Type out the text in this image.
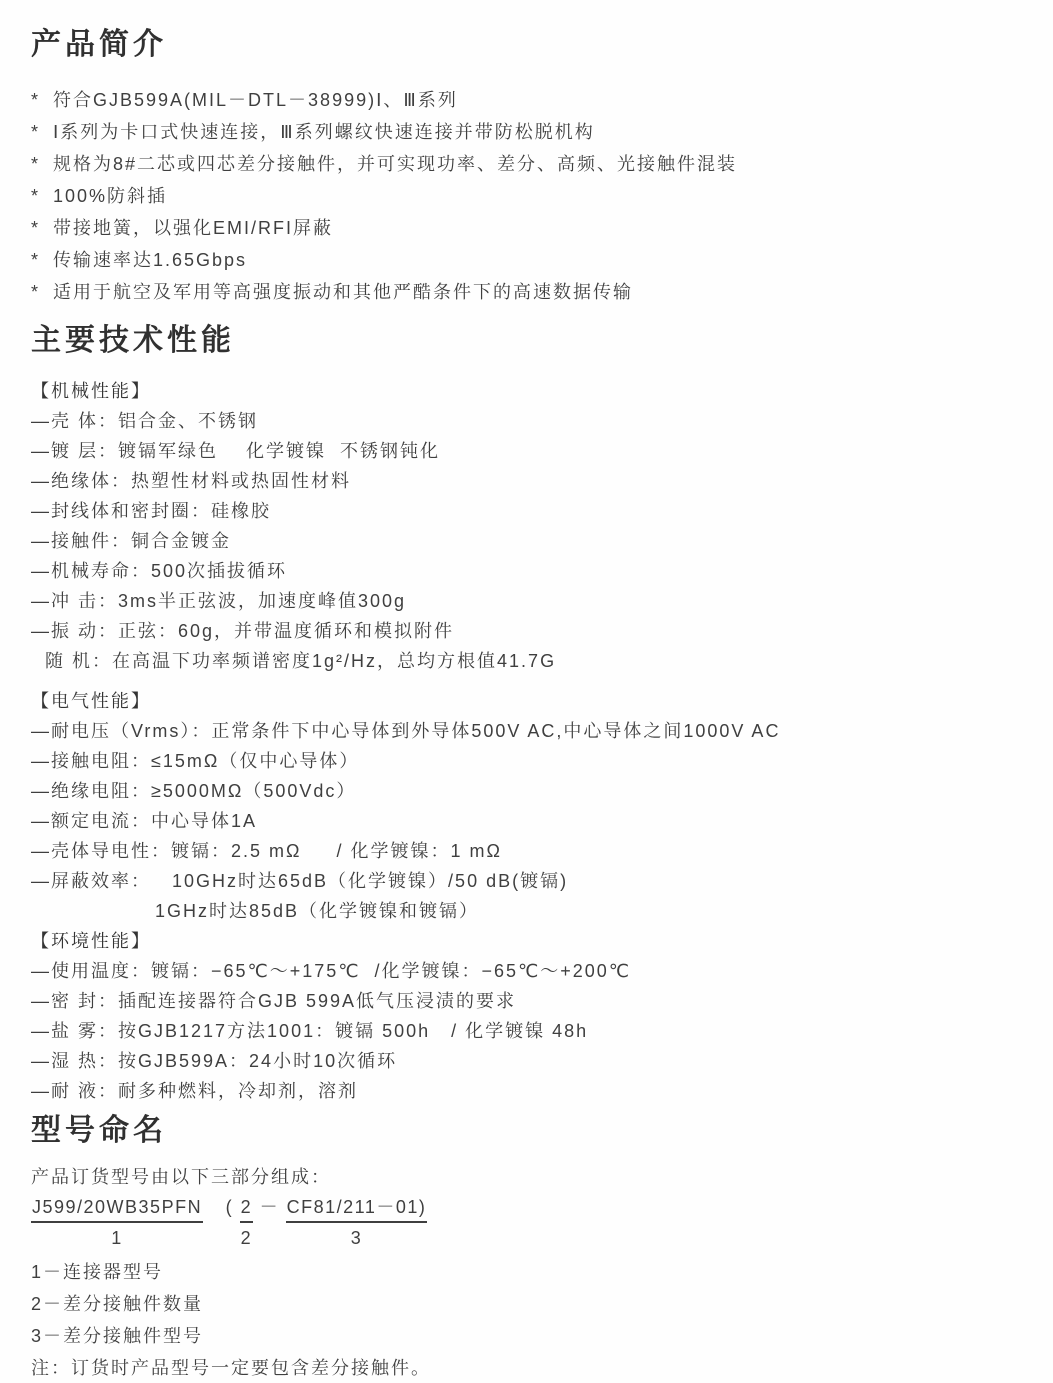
产品简介
* 符合GJB599A(MIL－DTL－38999)Ⅰ、Ⅲ系列
* Ⅰ系列为卡口式快速连接，Ⅲ系列螺纹快速连接并带防松脱机构
* 规格为8#二芯或四芯差分接触件，并可实现功率、差分、高频、光接触件混装
* 100%防斜插
* 带接地簧，以强化EMI/RFI屏蔽
* 传输速率达1.65Gbps
* 适用于航空及军用等高强度振动和其他严酷条件下的高速数据传输
主要技术性能
【机械性能】
—壳 体：铝合金、不锈钢
—镀 层：镀镉军绿色    化学镀镍  不锈钢钝化
—绝缘体：热塑性材料或热固性材料
—封线体和密封圈：硅橡胶
—接触件：铜合金镀金
—机械寿命：500次插拔循环
—冲 击：3ms半正弦波，加速度峰值300g
—振 动：正弦：60g，并带温度循环和模拟附件
随 机：在高温下功率频谱密度1g²/Hz，总均方根值41.7G
【电气性能】
—耐电压（Vrms）：正常条件下中心导体到外导体500V AC,中心导体之间1000V AC
—接触电阻：≤15mΩ（仅中心导体）
—绝缘电阻：≥5000MΩ（500Vdc）
—额定电流：中心导体1A
—壳体导电性：镀镉：2.5 mΩ     / 化学镀镍：1 mΩ
—屏蔽效率：   10GHz时达65dB（化学镀镍）/50 dB(镀镉)
1GHz时达85dB（化学镀镍和镀镉）
【环境性能】
—使用温度：镀镉：−65℃～+175℃  /化学镀镍：−65℃～+200℃
—密 封：插配连接器符合GJB 599A低气压浸渍的要求
—盐 雾：按GJB1217方法1001：镀镉 500h   / 化学镀镍 48h
—湿 热：按GJB599A：24小时10次循环
—耐 液：耐多种燃料，冷却剂，溶剂
型号命名
产品订货型号由以下三部分组成：
J599/20WB35PFN
1
( $\frac{2}{2} - \frac{CF81/211-01)}{3}$
1－连接器型号
2－差分接触件数量
3－差分接触件型号
注：订货时产品型号一定要包含差分接触件。
